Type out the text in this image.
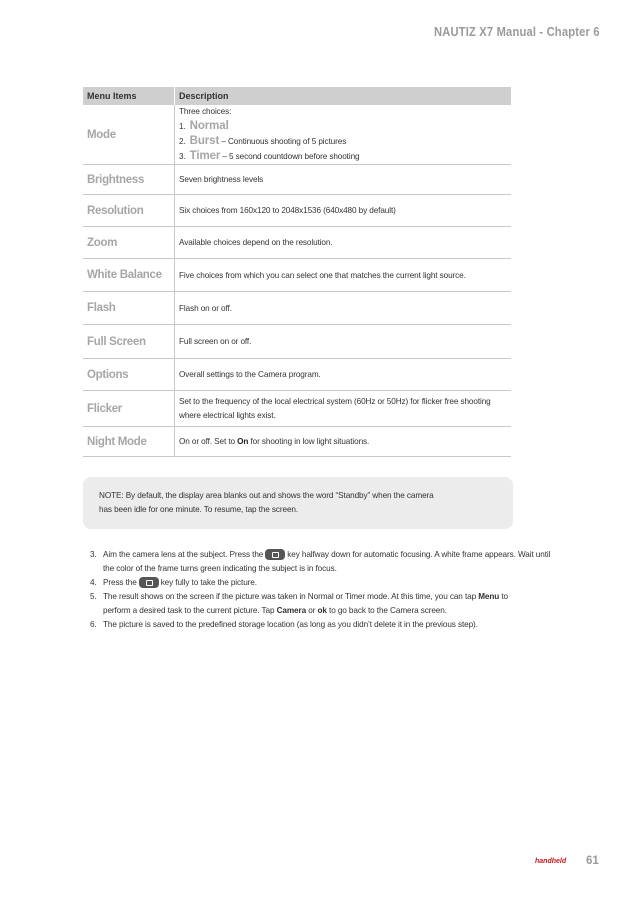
NAUTIZ X7 Manual - Chapter 6
Menu Items	Description
Mode	Three choices:
1. Normal
2. Burst – Continuous shooting of 5 pictures
3. Timer – 5 second countdown before shooting

Brightness	Seven brightness levels
Resolution	Six choices from 160x120 to 2048x1536 (640x480 by default)
Zoom	Available choices depend on the resolution.
White Balance	Five choices from which you can select one that matches the current light source.
Flash	Flash on or off.
Full Screen	Full screen on or off.
Options	Overall settings to the Camera program.
Flicker	Set to the frequency of the local electrical system (60Hz or 50Hz) for flicker free shooting
where electrical lights exist.

Night Mode	On or off. Set to On for shooting in low light situations.

NOTE: By default, the display area blanks out and shows the word “Standby” when the camera
has been idle for one minute. To resume, tap the screen.

3. Aim the camera lens at the subject. Press the	key halfway down for automatic focusing. A white frame appears. Wait until
the color of the frame turns green indicating the subject is in focus.
4. Press the	key fully to take the picture.
5. The result shows on the screen if the picture was taken in Normal or Timer mode. At this time, you can tap Menu to
perform a desired task to the current picture. Tap Camera or ok to go back to the Camera screen.
6. The picture is saved to the predefined storage location (as long as you didn’t delete it in the previous step).
handheld 61
